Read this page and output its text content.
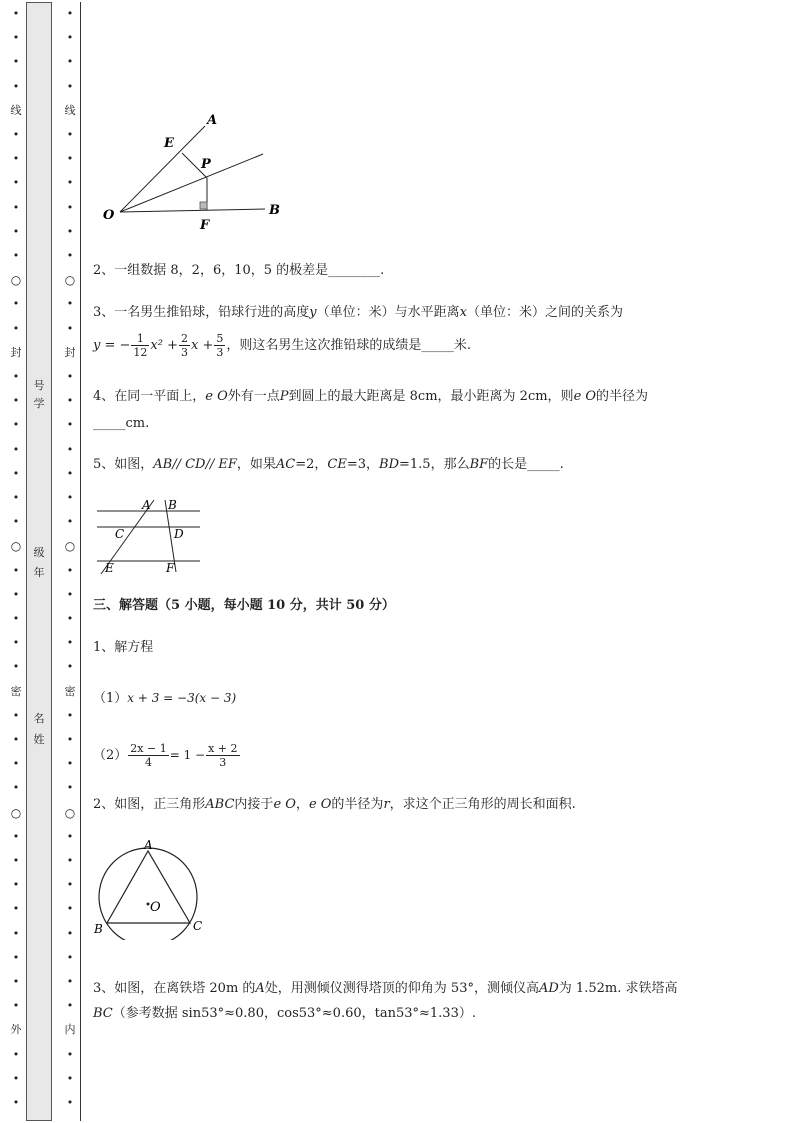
•
•
•
•
线
•
•
•
•
•
•
○
•
•
封
•
•
•
•
•
•
•
○
•
•
•
•
•
密
•
•
•
•
○
•
•
•
•
•
•
•
•
外
•
•
•
号
学
级
年
名
姓
•
•
•
•
线
•
•
•
•
•
•
○
•
•
封
•
•
•
•
•
•
•
○
•
•
•
•
•
密
•
•
•
•
○
•
•
•
•
•
•
•
•
内
•
•
•
A
E
P
O
F
B
2、一组数据 8，2，6，10，5 的极差是________.
3、一名男生推铅球，铅球行进的高度y（单位：米）与水平距离x（单位：米）之间的关系为
y = − $\frac{1}{12} x^2 + \frac{2}{3}$ $x + \frac{5}{3}$ ，则这名男生这次推铅球的成绩是_____米.
4、在同一平面上，e O外有一点P到圆上的最大距离是 8cm，最小距离为 2cm，则e O的半径为
_____cm.
5、如图，AB// CD// EF，如果AC=2，CE=3，BD=1.5，那么BF的长是_____.
A B
C	D
E	F
三、解答题（5 小题，每小题 10 分，共计 50 分）
1、解方程
（1）x + 3 = −3(x − 3)
$(2) \frac{2x - 1}{4} = 1 - \frac{x + 2}{3}$
2、如图，正三角形ABC内接于e O，e O的半径为r，求这个正三角形的周长和面积.
A
B	C
O
3、如图，在离铁塔 20m 的A处，用测倾仪测得塔顶的仰角为 53°，测倾仪高AD为 1.52m. 求铁塔高
BC（参考数据 sin53°≈0.80，cos53°≈0.60，tan53°≈1.33）.
